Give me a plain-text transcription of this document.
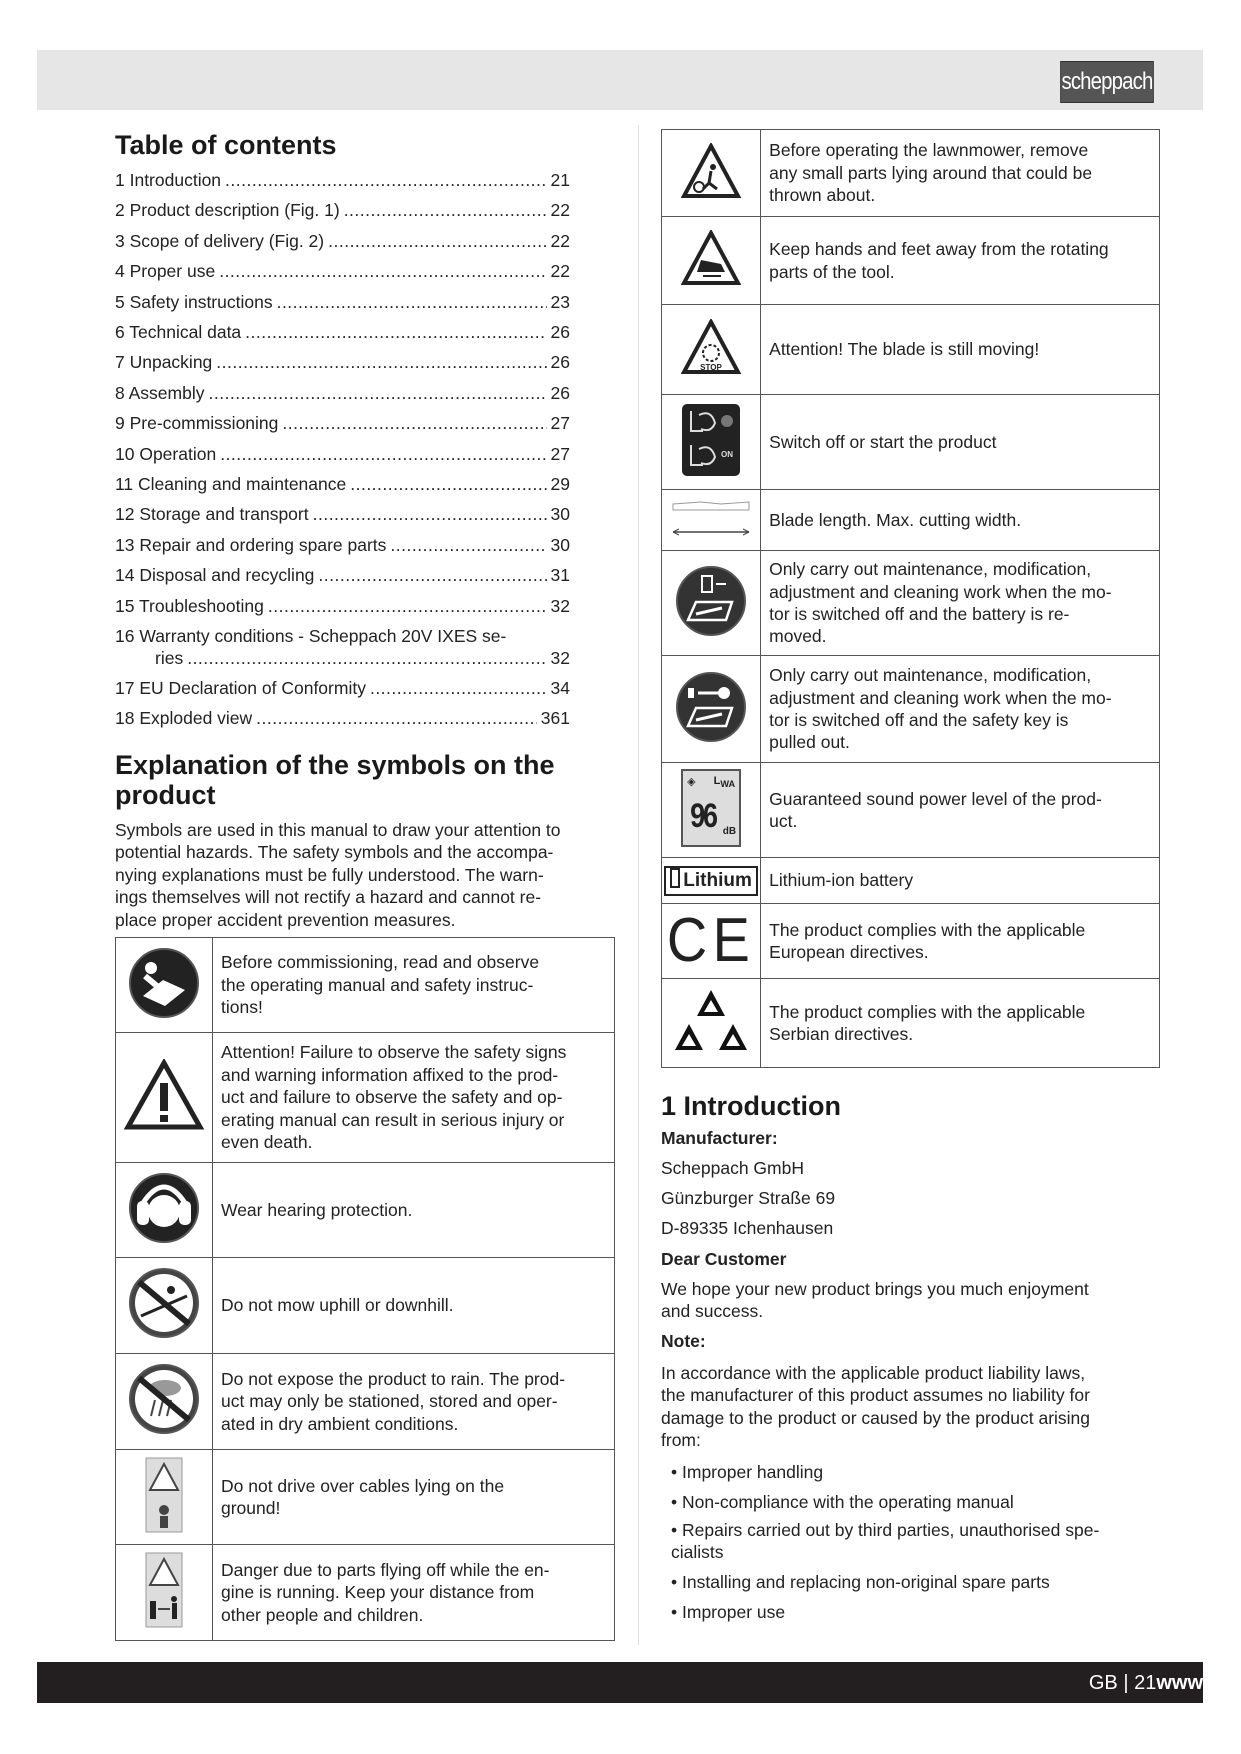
scheppach
Table of contents
1 Introduction .....	21
2 Product description (Fig. 1) .....	22
3 Scope of delivery (Fig. 2) .....	22
4 Proper use .....	22
5 Safety instructions .....	23
6 Technical data .....	26
7 Unpacking .....	26
8 Assembly .....	26
9 Pre-commissioning .....	27
10 Operation .....	27
11 Cleaning and maintenance .....	29
12 Storage and transport .....	30
13 Repair and ordering spare parts .....	30
14 Disposal and recycling .....	31
15 Troubleshooting .....	32
16 Warranty conditions - Scheppach 20V IXES se-
ries .....	32
17 EU Declaration of Conformity .....	34
18 Exploded view .....	361
Explanation of the symbols on the
product

Symbols are used in this manual to draw your attention to
potential hazards. The safety symbols and the accompa-
nying explanations must be fully understood. The warn-
ings themselves will not rectify a hazard and cannot re-
place proper accident prevention measures.

	Before commissioning, read and observe
the operating manual and safety instruc-
tions!
	Attention! Failure to observe the safety signs
and warning information affixed to the prod-
uct and failure to observe the safety and op-
erating manual can result in serious injury or
even death.
	Wear hearing protection.
	Do not mow uphill or downhill.
	Do not expose the product to rain. The prod-
uct may only be stationed, stored and oper-
ated in dry ambient conditions.
	Do not drive over cables lying on the
ground!
	Danger due to parts flying off while the en-
gine is running. Keep your distance from
other people and children.
	Before operating the lawnmower, remove
any small parts lying around that could be
thrown about.
	Keep hands and feet away from the rotating
parts of the tool.

STOP	Attention! The blade is still moving!

ON	Switch off or start the product
	Blade length. Max. cutting width.
	Only carry out maintenance, modification,
adjustment and cleaning work when the mo-
tor is switched off and the battery is re-
moved.
	Only carry out maintenance, modification,
adjustment and cleaning work when the mo-
tor is switched off and the safety key is
pulled out.

◈ $L_{WA}$
96 dB	Guaranteed sound power level of the prod-
uct.
Lithium	Lithium-ion battery
CE	The product complies with the applicable
European directives.
	The product complies with the applicable
Serbian directives.
1 Introduction
Manufacturer:
Scheppach GmbH
Günzburger Straße 69
D-89335 Ichenhausen
Dear Customer

We hope your new product brings you much enjoyment
and success.

Note:

In accordance with the applicable product liability laws,
the manufacturer of this product assumes no liability for
damage to the product or caused by the product arising
from:

• Improper handling
• Non-compliance with the operating manual
• Repairs carried out by third parties, unauthorised spe-
cialists
• Installing and replacing non-original spare parts
• Improper use
GB | 21www
